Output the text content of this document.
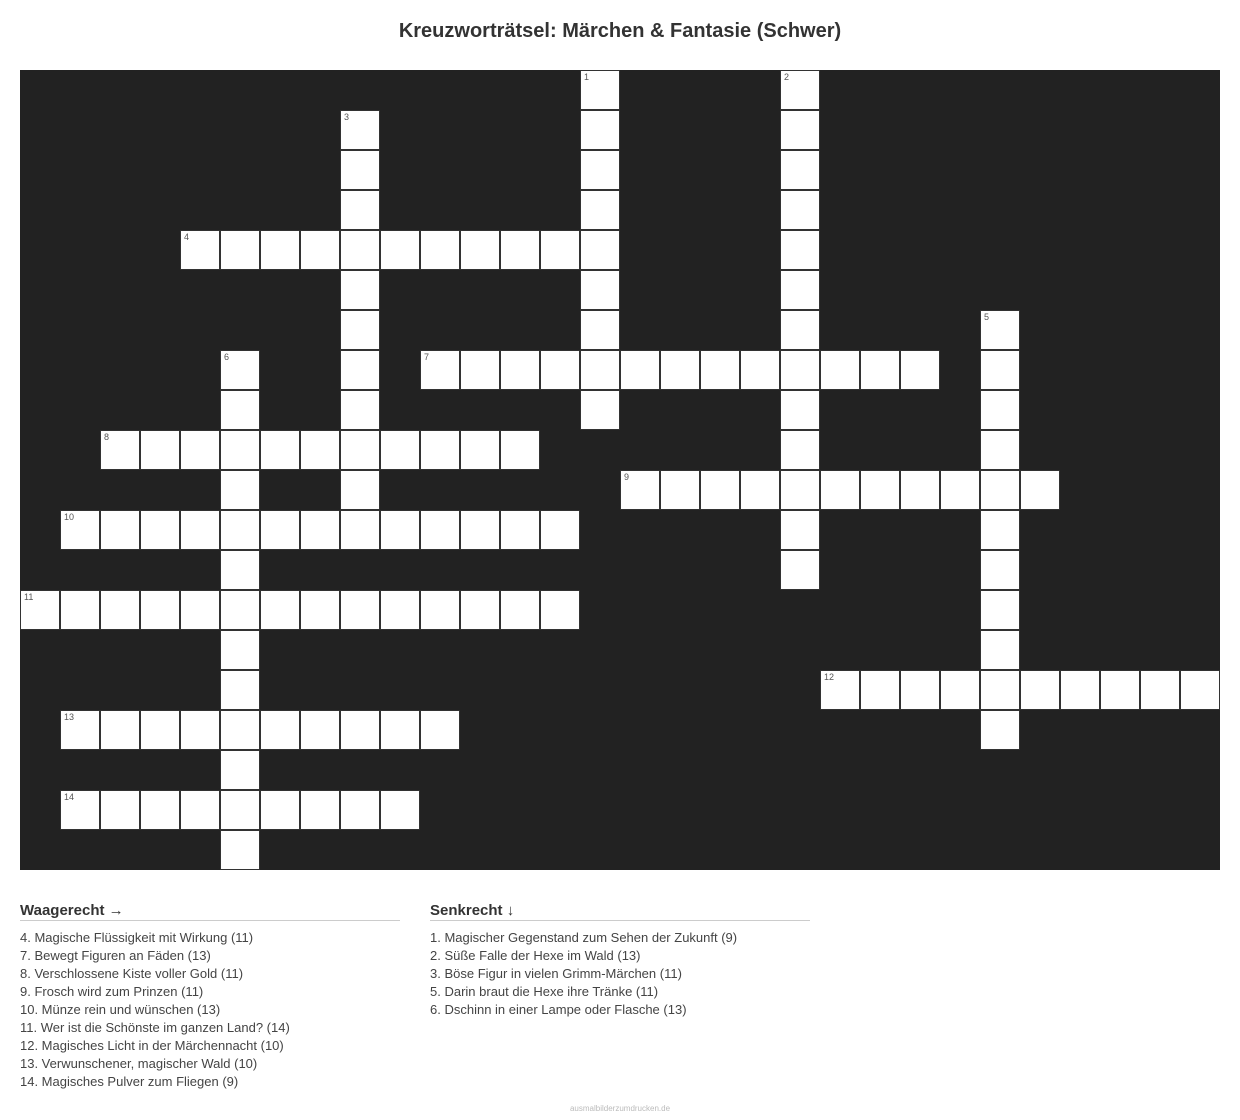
Kreuzworträtsel: Märchen & Fantasie (Schwer)
1	2
3
4
5
6	7
8
9
10
11
12
13
14
Waagerecht →
4. Magische Flüssigkeit mit Wirkung (11)
7. Bewegt Figuren an Fäden (13)
8. Verschlossene Kiste voller Gold (11)
9. Frosch wird zum Prinzen (11)
10. Münze rein und wünschen (13)
11. Wer ist die Schönste im ganzen Land? (14)
12. Magisches Licht in der Märchennacht (10)
13. Verwunschener, magischer Wald (10)
14. Magisches Pulver zum Fliegen (9)
Senkrecht ↓
1. Magischer Gegenstand zum Sehen der Zukunft (9)
2. Süße Falle der Hexe im Wald (13)
3. Böse Figur in vielen Grimm-Märchen (11)
5. Darin braut die Hexe ihre Tränke (11)
6. Dschinn in einer Lampe oder Flasche (13)
ausmalbilderzumdrucken.de
